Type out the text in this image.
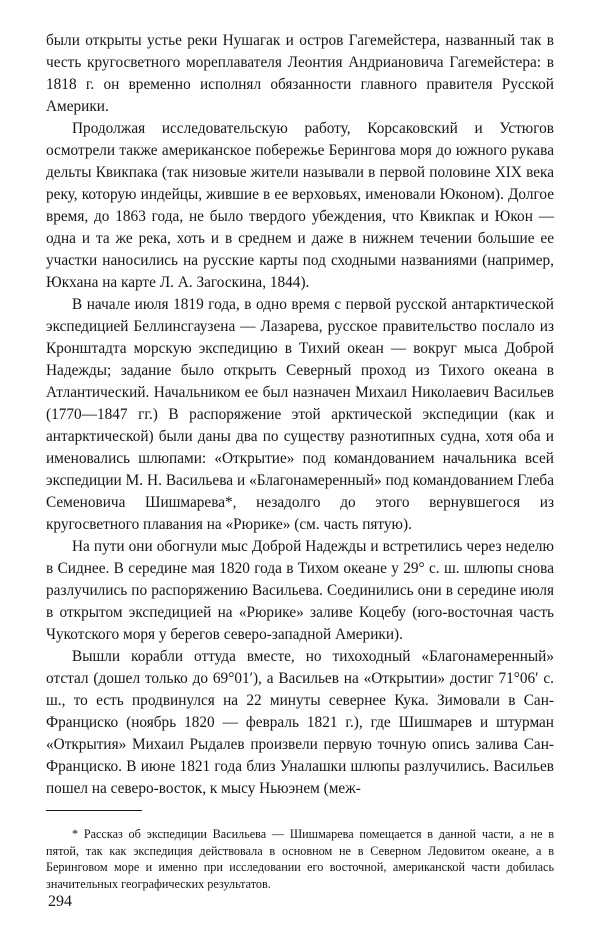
были открыты устье реки Нушагак и остров Гагемейстера, названный так в честь кругосветного мореплавателя Леонтия Андриановича Гагемейстера: в 1818 г. он временно исполнял обязанности главного правителя Русской Америки.

Продолжая исследовательскую работу, Корсаковский и Устюгов осмотрели также американское побережье Берингова моря до южного рукава дельты Квикпака (так низовые жители называли в первой половине XIX века реку, которую индейцы, жившие в ее верховьях, именовали Юконом). Долгое время, до 1863 года, не было твердого убеждения, что Квикпак и Юкон — одна и та же река, хоть и в среднем и даже в нижнем течении большие ее участки наносились на русские карты под сходными названиями (например, Юкхана на карте Л. А. Загоскина, 1844).

В начале июля 1819 года, в одно время с первой русской антарктической экспедицией Беллинсгаузена — Лазарева, русское правительство послало из Кронштадта морскую экспедицию в Тихий океан — вокруг мыса Доброй Надежды; задание было открыть Северный проход из Тихого океана в Атлантический. Начальником ее был назначен Михаил Николаевич Васильев (1770—1847 гг.) В распоряжение этой арктической экспедиции (как и антарктической) были даны два по существу разнотипных судна, хотя оба и именовались шлюпами: «Открытие» под командованием начальника всей экспедиции М. Н. Васильева и «Благонамеренный» под командованием Глеба Семеновича Шишмарева*, незадолго до этого вернувшегося из кругосветного плавания на «Рюрике» (см. часть пятую).

На пути они обогнули мыс Доброй Надежды и встретились через неделю в Сиднее. В середине мая 1820 года в Тихом океане у 29° с. ш. шлюпы снова разлучились по распоряжению Васильева. Соединились они в середине июля в открытом экспедицией на «Рюрике» заливе Коцебу (юго-восточная часть Чукотского моря у берегов северо-западной Америки).

Вышли корабли оттуда вместе, но тихоходный «Благонамеренный» отстал (дошел только до 69°01′), а Васильев на «Открытии» достиг 71°06′ с. ш., то есть продвинулся на 22 минуты севернее Кука. Зимовали в Сан-Франциско (ноябрь 1820 — февраль 1821 г.), где Шишмарев и штурман «Открытия» Михаил Рыдалев произвели первую точную опись залива Сан-Франциско. В июне 1821 года близ Уналашки шлюпы разлучились. Васильев пошел на северо-восток, к мысу Ньюэнем (меж-

* Рассказ об экспедиции Васильева — Шишмарева помещается в данной части, а не в пятой, так как экспедиция действовала в основном не в Северном Ледовитом океане, а в Беринговом море и именно при исследовании его восточной, американской части добилась значительных географических результатов.
294
